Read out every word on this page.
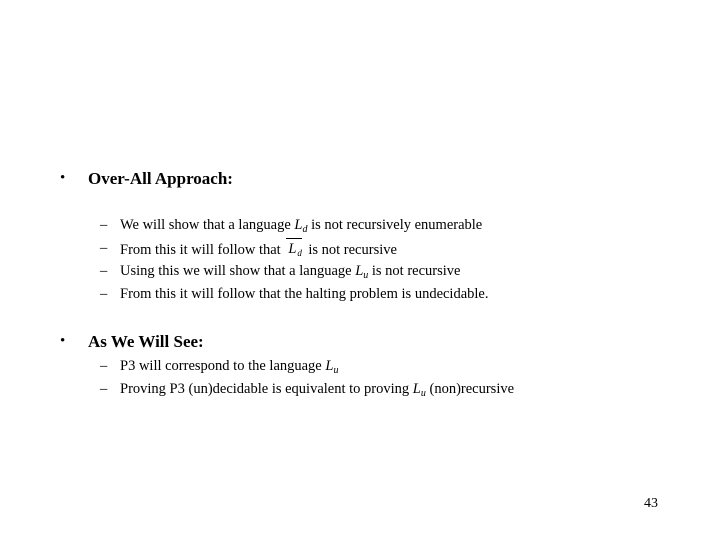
• Over-All Approach:
– We will show that a language $L_d$ is not recursively enumerable
– From this it will follow that L d is not recursive
– Using this we will show that a language $L_u$ is not recursive
– From this it will follow that the halting problem is undecidable.
• As We Will See:
– P3 will correspond to the language $L_u$
– Proving P3 (un)decidable is equivalent to proving $L_u$ (non)recursive
43
